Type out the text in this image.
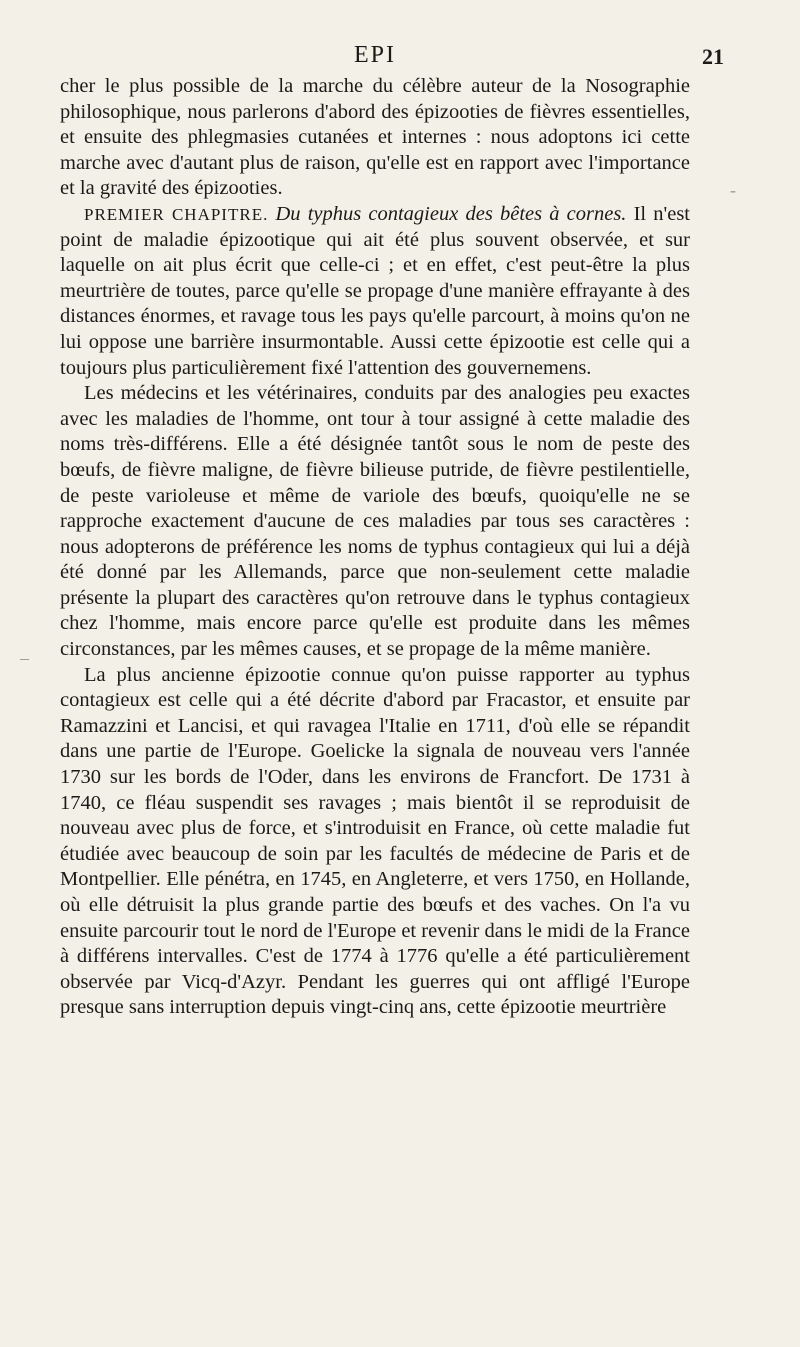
EPI	21

cher le plus possible de la marche du célèbre auteur de la Nosographie philosophique, nous parlerons d'abord des épizooties de fièvres essentielles, et ensuite des phlegmasies cutanées et internes : nous adoptons ici cette marche avec d'autant plus de raison, qu'elle est en rapport avec l'importance et la gravité des épizooties.

PREMIER CHAPITRE. Du typhus contagieux des bêtes à cornes. Il n'est point de maladie épizootique qui ait été plus souvent observée, et sur laquelle on ait plus écrit que celle-ci ; et en effet, c'est peut-être la plus meurtrière de toutes, parce qu'elle se propage d'une manière effrayante à des distances énormes, et ravage tous les pays qu'elle parcourt, à moins qu'on ne lui oppose une barrière insurmontable. Aussi cette épizootie est celle qui a toujours plus particulièrement fixé l'attention des gouvernemens.

Les médecins et les vétérinaires, conduits par des analogies peu exactes avec les maladies de l'homme, ont tour à tour assigné à cette maladie des noms très-différens. Elle a été désignée tantôt sous le nom de peste des bœufs, de fièvre maligne, de fièvre bilieuse putride, de fièvre pestilentielle, de peste varioleuse et même de variole des bœufs, quoiqu'elle ne se rapproche exactement d'aucune de ces maladies par tous ses caractères : nous adopterons de préférence les noms de typhus contagieux qui lui a déjà été donné par les Allemands, parce que non-seulement cette maladie présente la plupart des caractères qu'on retrouve dans le typhus contagieux chez l'homme, mais encore parce qu'elle est produite dans les mêmes circonstances, par les mêmes causes, et se propage de la même manière.

La plus ancienne épizootie connue qu'on puisse rapporter au typhus contagieux est celle qui a été décrite d'abord par Fracastor, et ensuite par Ramazzini et Lancisi, et qui ravagea l'Italie en 1711, d'où elle se répandit dans une partie de l'Europe. Goelicke la signala de nouveau vers l'année 1730 sur les bords de l'Oder, dans les environs de Francfort. De 1731 à 1740, ce fléau suspendit ses ravages ; mais bientôt il se reproduisit de nouveau avec plus de force, et s'introduisit en France, où cette maladie fut étudiée avec beaucoup de soin par les facultés de médecine de Paris et de Montpellier. Elle pénétra, en 1745, en Angleterre, et vers 1750, en Hollande, où elle détruisit la plus grande partie des bœufs et des vaches. On l'a vu ensuite parcourir tout le nord de l'Europe et revenir dans le midi de la France à différens intervalles. C'est de 1774 à 1776 qu'elle a été particulièrement observée par Vicq-d'Azyr. Pendant les guerres qui ont affligé l'Europe presque sans interruption depuis vingt-cinq ans, cette épizootie meurtrière

–
-
